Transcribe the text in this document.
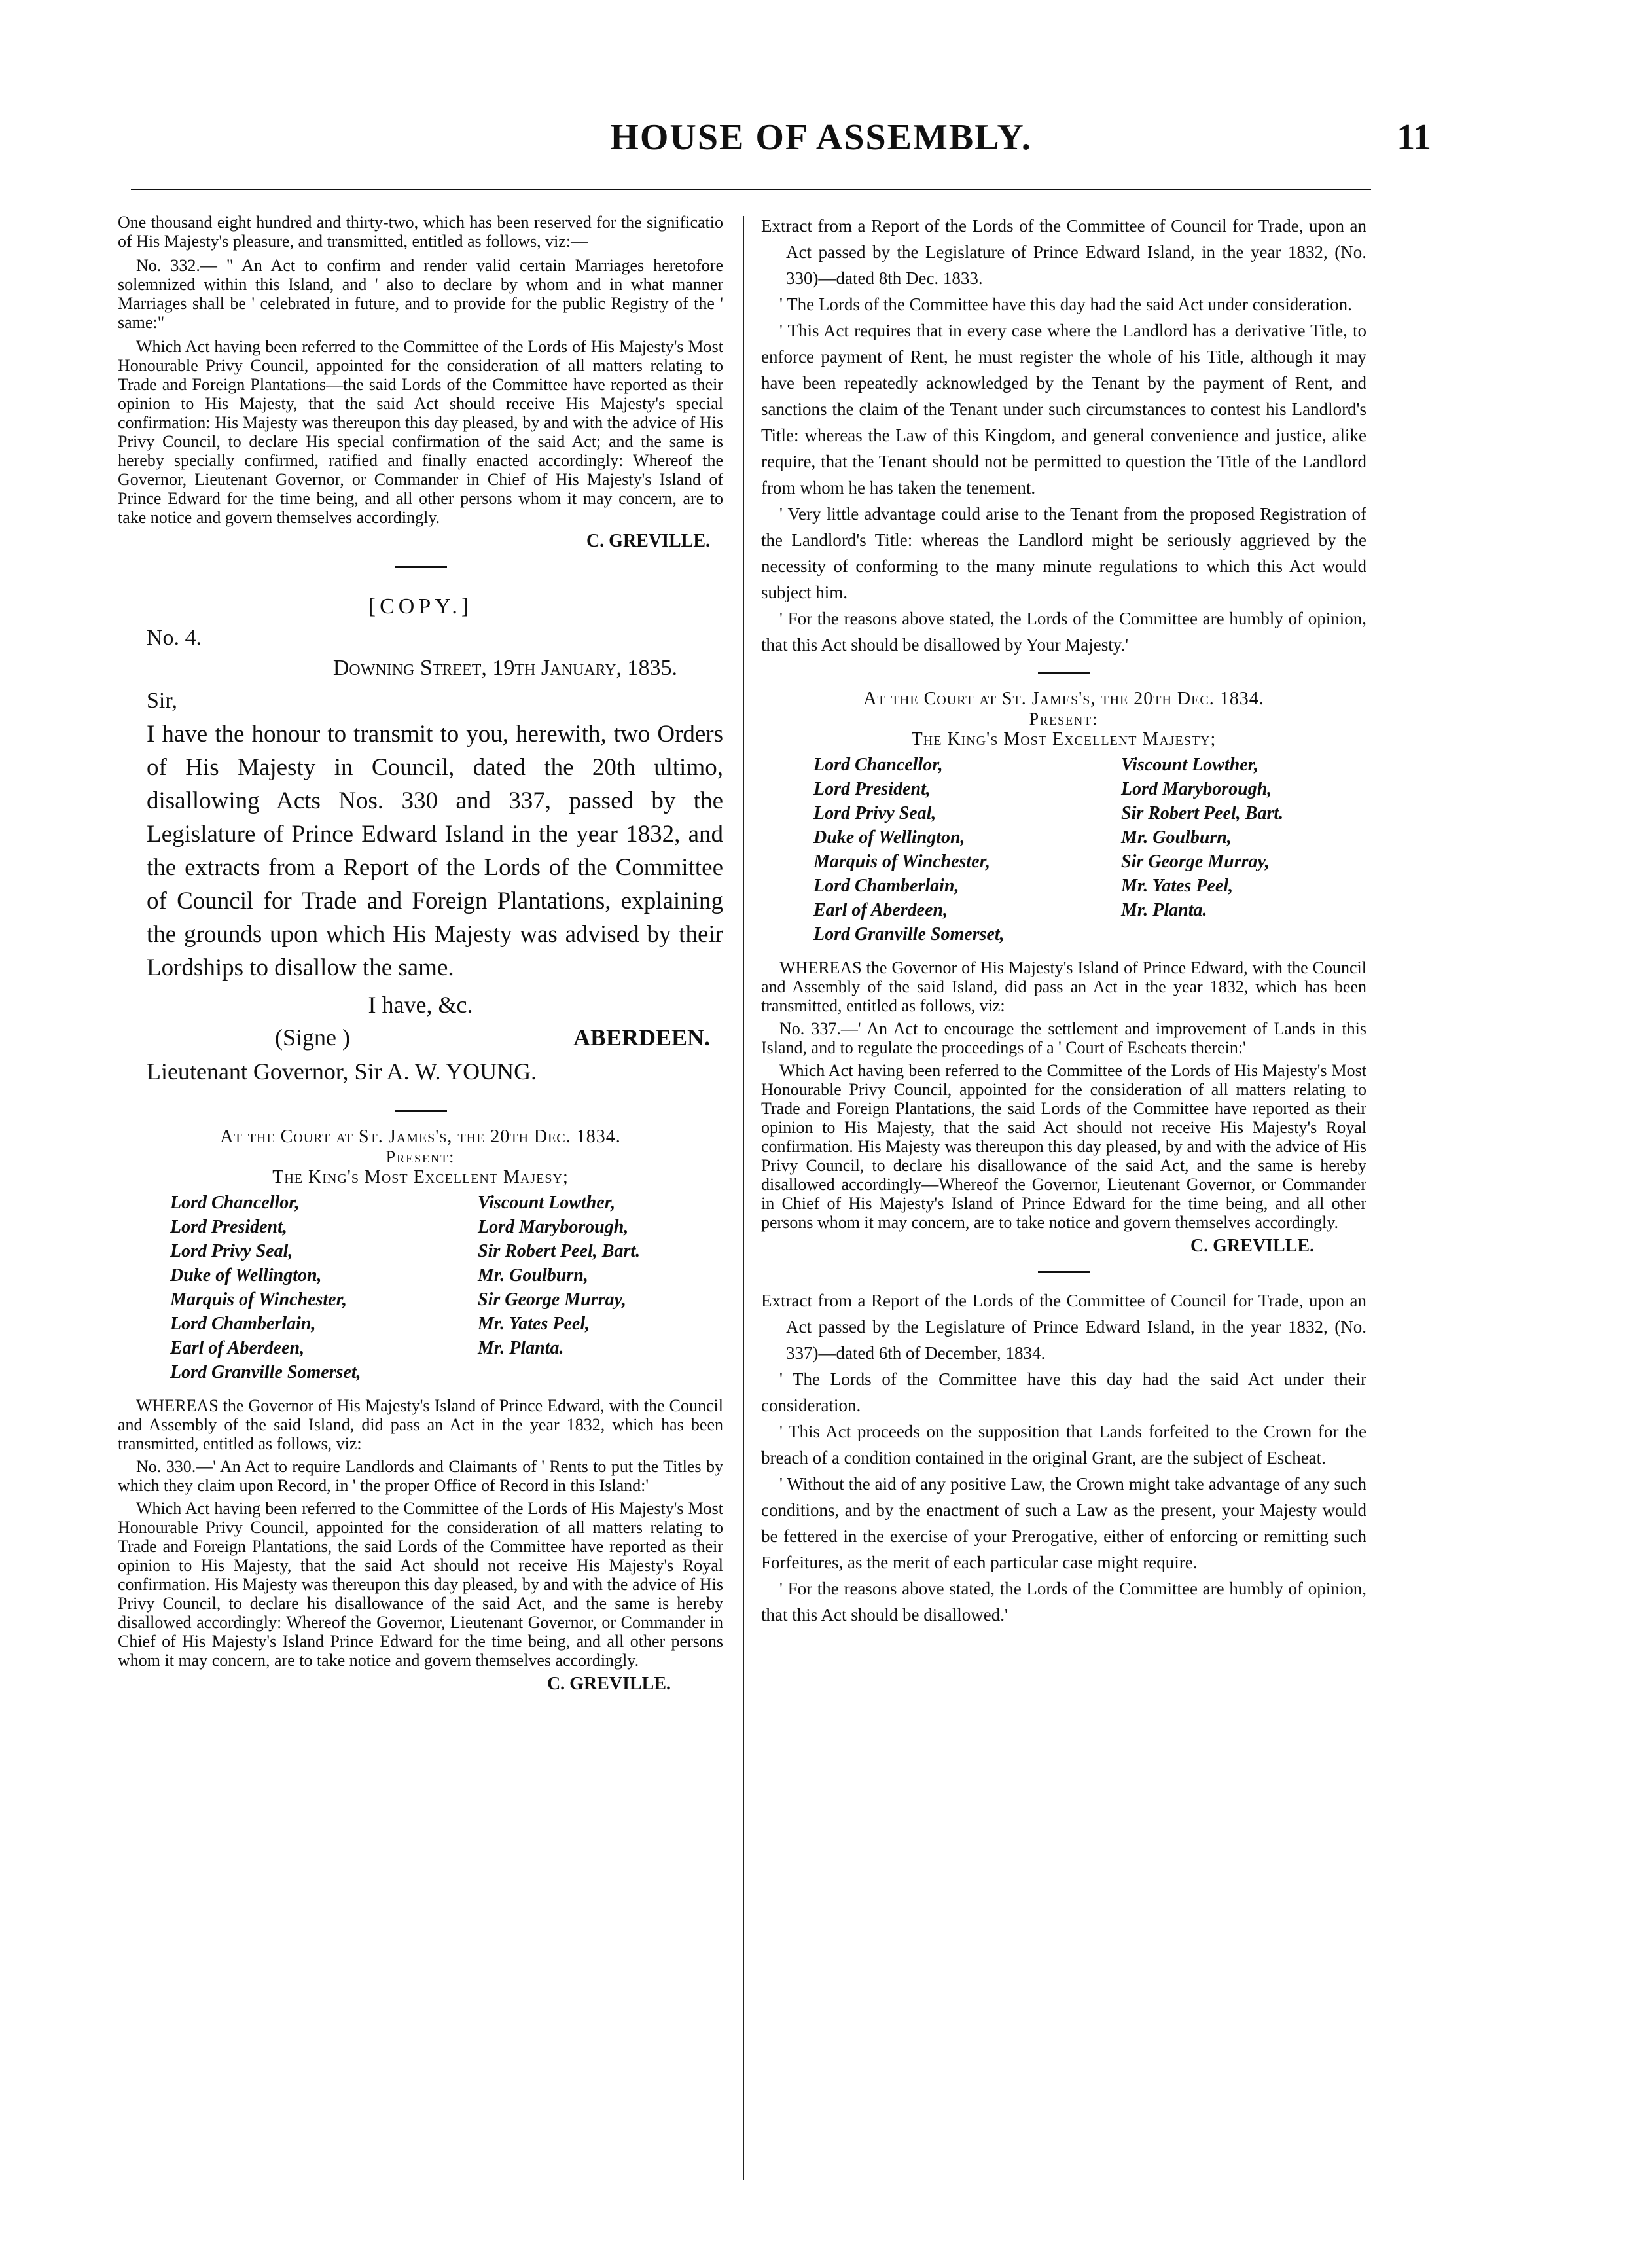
HOUSE OF ASSEMBLY.	11

One thousand eight hundred and thirty-two, which has been reserved for the significatio of His Majesty's pleasure, and transmitted, entitled as follows, viz:—

No. 332.— " An Act to confirm and render valid certain Marriages heretofore solemnized within this Island, and ' also to declare by whom and in what manner Marriages shall be ' celebrated in future, and to provide for the public Registry of the ' same:"

Which Act having been referred to the Committee of the Lords of His Majesty's Most Honourable Privy Council, appointed for the consideration of all matters relating to Trade and Foreign Plantations—the said Lords of the Committee have reported as their opinion to His Majesty, that the said Act should receive His Majesty's special confirmation: His Majesty was thereupon this day pleased, by and with the advice of His Privy Council, to declare His special confirmation of the said Act; and the same is hereby specially confirmed, ratified and finally enacted accordingly: Whereof the Governor, Lieutenant Governor, or Commander in Chief of His Majesty's Island of Prince Edward for the time being, and all other persons whom it may concern, are to take notice and govern themselves accordingly.

C. GREVILLE.

[COPY.]

No. 4.

Downing Street, 19th January, 1835.

Sir,

I have the honour to transmit to you, herewith, two Orders of His Majesty in Council, dated the 20th ultimo, disallowing Acts Nos. 330 and 337, passed by the Legislature of Prince Edward Island in the year 1832, and the extracts from a Report of the Lords of the Committee of Council for Trade and Foreign Plantations, explaining the grounds upon which His Majesty was advised by their Lordships to disallow the same.

I have, &c.

(Signe )	ABERDEEN.

Lieutenant Governor, Sir A. W. YOUNG.

At the Court at St. James's, the 20th Dec. 1834.

Present:

The King's Most Excellent Majesy;

Lord Chancellor,	Viscount Lowther,
Lord President,	Lord Maryborough,
Lord Privy Seal,	Sir Robert Peel, Bart.
Duke of Wellington,	Mr. Goulburn,
Marquis of Winchester,	Sir George Murray,
Lord Chamberlain,	Mr. Yates Peel,
Earl of Aberdeen,	Mr. Planta.
Lord Granville Somerset,

WHEREAS the Governor of His Majesty's Island of Prince Edward, with the Council and Assembly of the said Island, did pass an Act in the year 1832, which has been transmitted, entitled as follows, viz:

No. 330.—' An Act to require Landlords and Claimants of ' Rents to put the Titles by which they claim upon Record, in ' the proper Office of Record in this Island:'

Which Act having been referred to the Committee of the Lords of His Majesty's Most Honourable Privy Council, appointed for the consideration of all matters relating to Trade and Foreign Plantations, the said Lords of the Committee have reported as their opinion to His Majesty, that the said Act should not receive His Majesty's Royal confirmation. His Majesty was thereupon this day pleased, by and with the advice of His Privy Council, to declare his disallowance of the said Act, and the same is hereby disallowed accordingly: Whereof the Governor, Lieutenant Governor, or Commander in Chief of His Majesty's Island Prince Edward for the time being, and all other persons whom it may concern, are to take notice and govern themselves accordingly.

C. GREVILLE.

Extract from a Report of the Lords of the Committee of Council for Trade, upon an Act passed by the Legislature of Prince Edward Island, in the year 1832, (No. 330)—dated 8th Dec. 1833.

' The Lords of the Committee have this day had the said Act under consideration.

' This Act requires that in every case where the Landlord has a derivative Title, to enforce payment of Rent, he must register the whole of his Title, although it may have been repeatedly acknowledged by the Tenant by the payment of Rent, and sanctions the claim of the Tenant under such circumstances to contest his Landlord's Title: whereas the Law of this Kingdom, and general convenience and justice, alike require, that the Tenant should not be permitted to question the Title of the Landlord from whom he has taken the tenement.

' Very little advantage could arise to the Tenant from the proposed Registration of the Landlord's Title: whereas the Landlord might be seriously aggrieved by the necessity of conforming to the many minute regulations to which this Act would subject him.

' For the reasons above stated, the Lords of the Committee are humbly of opinion, that this Act should be disallowed by Your Majesty.'

At the Court at St. James's, the 20th Dec. 1834.

Present:

The King's Most Excellent Majesty;

Lord Chancellor,	Viscount Lowther,
Lord President,	Lord Maryborough,
Lord Privy Seal,	Sir Robert Peel, Bart.
Duke of Wellington,	Mr. Goulburn,
Marquis of Winchester,	Sir George Murray,
Lord Chamberlain,	Mr. Yates Peel,
Earl of Aberdeen,	Mr. Planta.
Lord Granville Somerset,

WHEREAS the Governor of His Majesty's Island of Prince Edward, with the Council and Assembly of the said Island, did pass an Act in the year 1832, which has been transmitted, entitled as follows, viz:

No. 337.—' An Act to encourage the settlement and improvement of Lands in this Island, and to regulate the proceedings of a ' Court of Escheats therein:'

Which Act having been referred to the Committee of the Lords of His Majesty's Most Honourable Privy Council, appointed for the consideration of all matters relating to Trade and Foreign Plantations, the said Lords of the Committee have reported as their opinion to His Majesty, that the said Act should not receive His Majesty's Royal confirmation. His Majesty was thereupon this day pleased, by and with the advice of His Privy Council, to declare his disallowance of the said Act, and the same is hereby disallowed accordingly—Whereof the Governor, Lieutenant Governor, or Commander in Chief of His Majesty's Island of Prince Edward for the time being, and all other persons whom it may concern, are to take notice and govern themselves accordingly.

C. GREVILLE.

Extract from a Report of the Lords of the Committee of Council for Trade, upon an Act passed by the Legislature of Prince Edward Island, in the year 1832, (No. 337)—dated 6th of December, 1834.

' The Lords of the Committee have this day had the said Act under their consideration.

' This Act proceeds on the supposition that Lands forfeited to the Crown for the breach of a condition contained in the original Grant, are the subject of Escheat.

' Without the aid of any positive Law, the Crown might take advantage of any such conditions, and by the enactment of such a Law as the present, your Majesty would be fettered in the exercise of your Prerogative, either of enforcing or remitting such Forfeitures, as the merit of each particular case might require.

' For the reasons above stated, the Lords of the Committee are humbly of opinion, that this Act should be disallowed.'
